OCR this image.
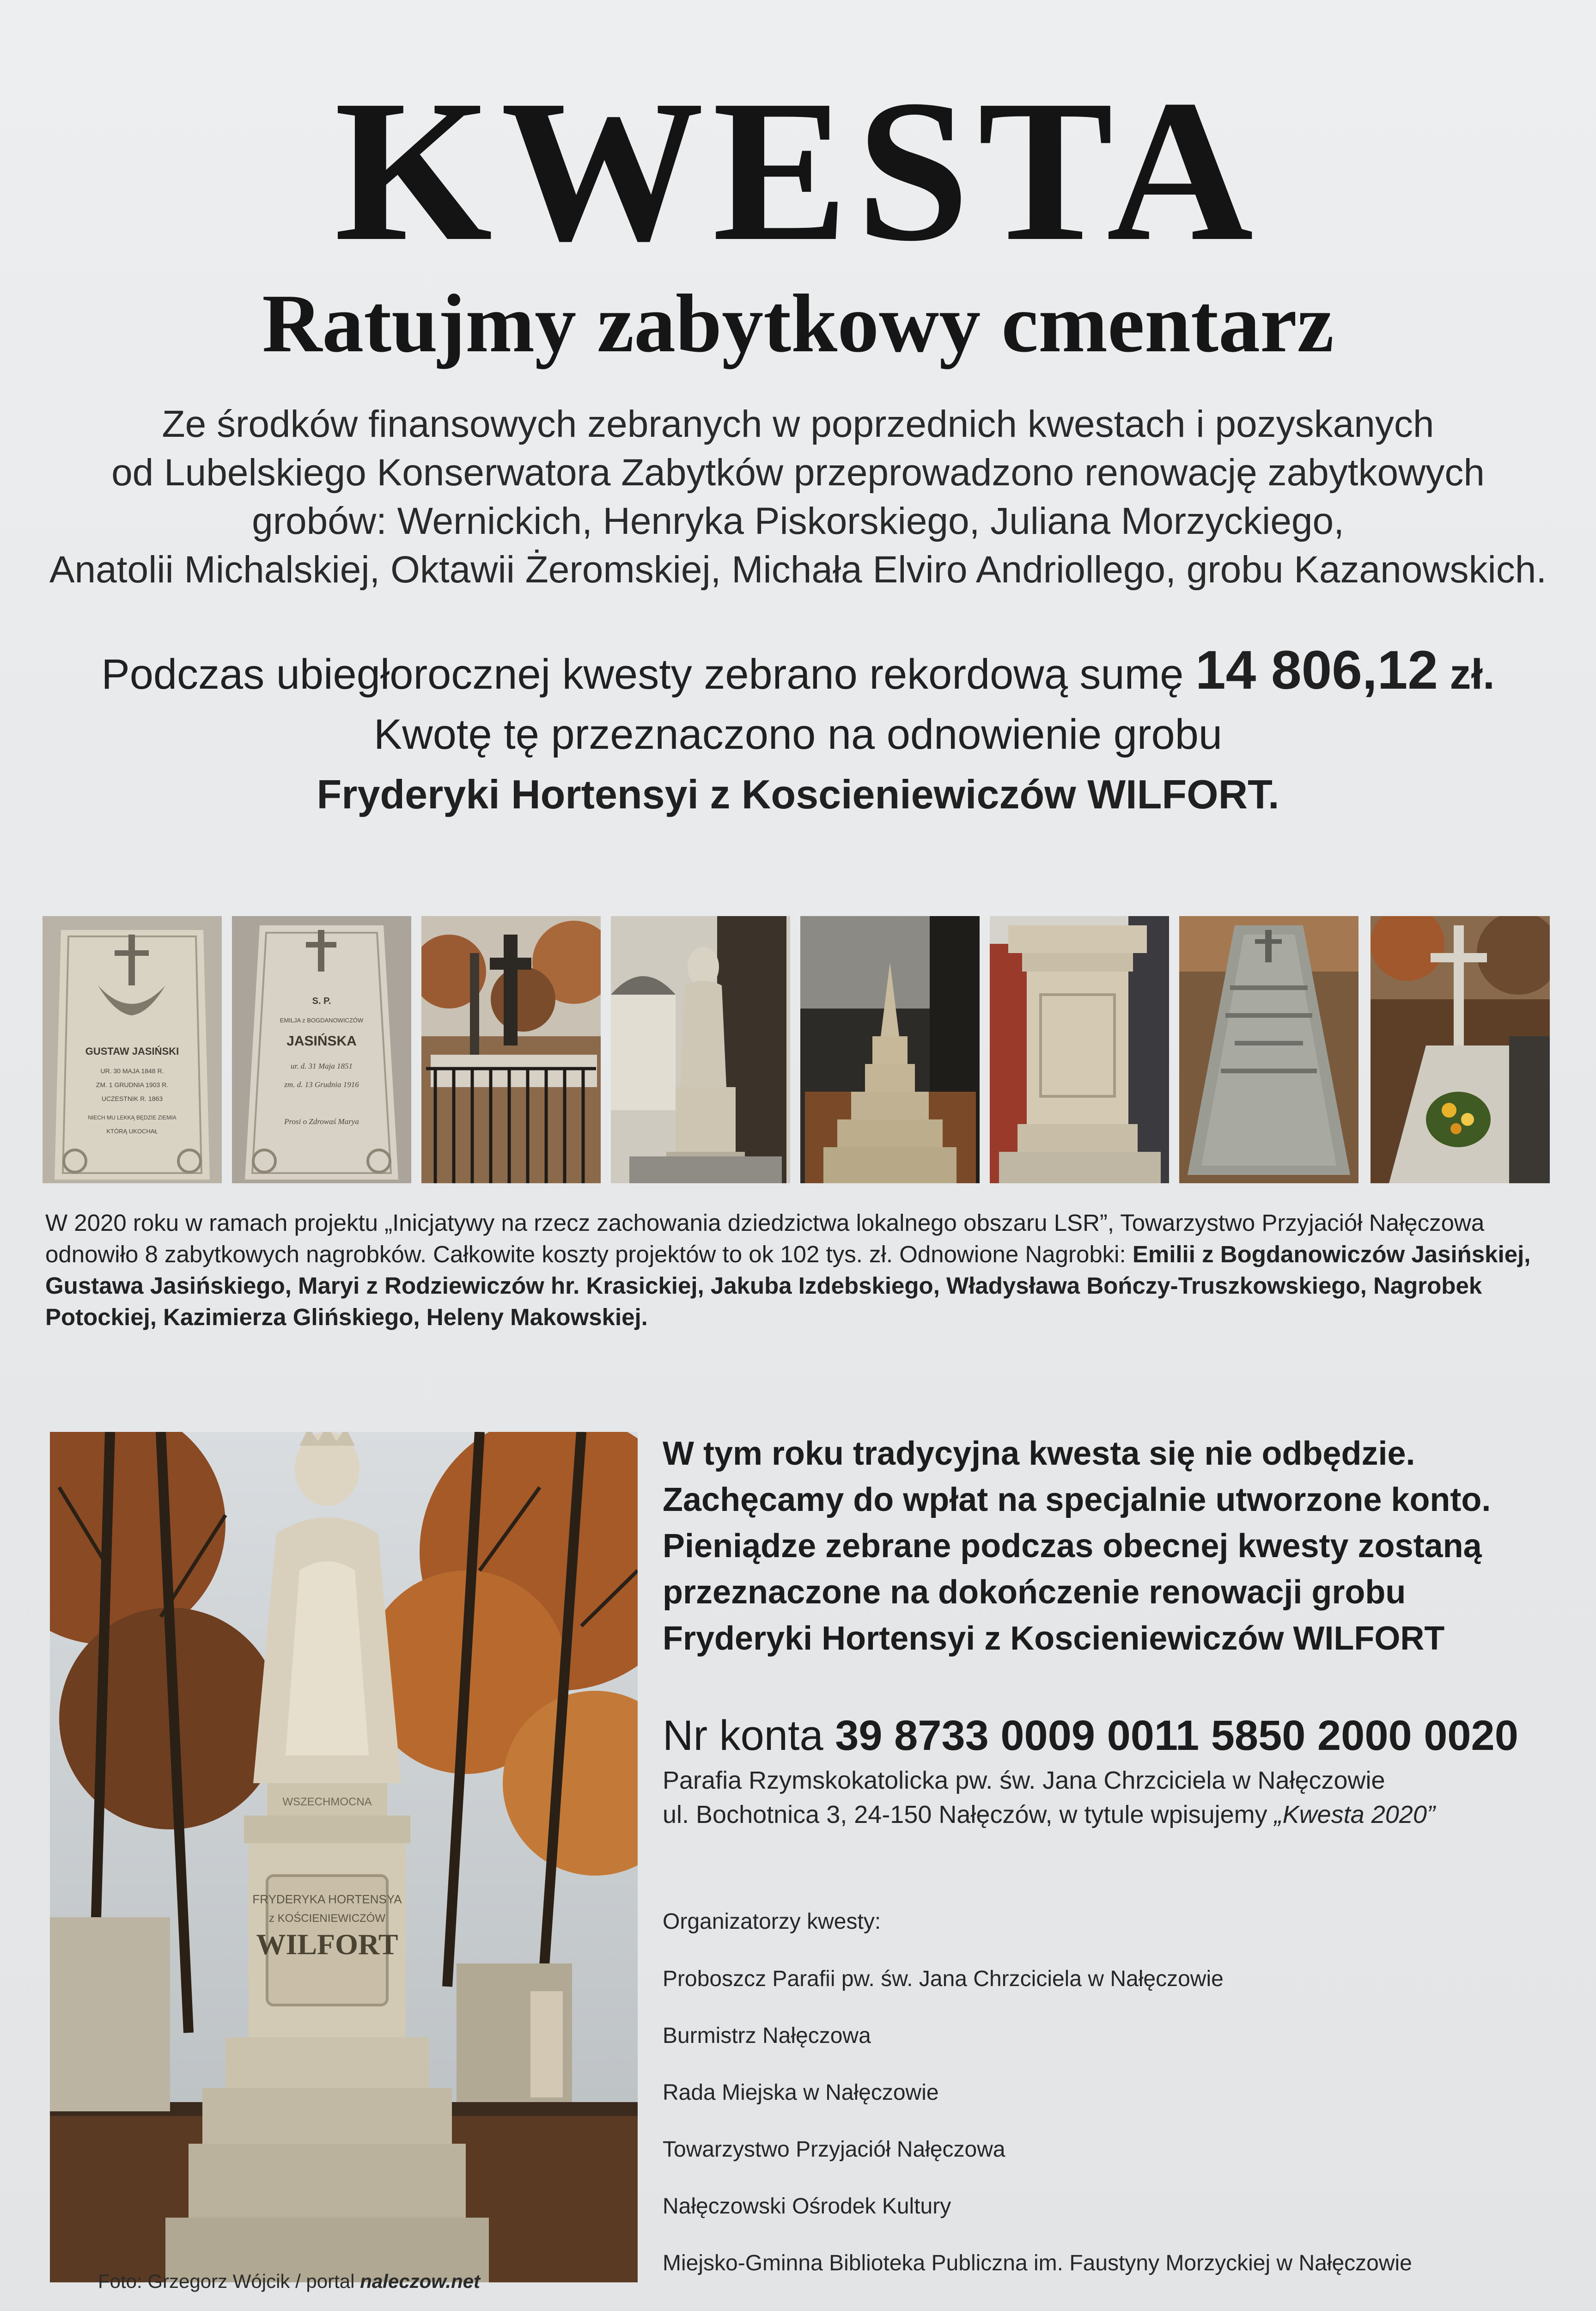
KWESTA
Ratujmy zabytkowy cmentarz
Ze środków finansowych zebranych w poprzednich kwestach i pozyskanych
od Lubelskiego Konserwatora Zabytków przeprowadzono renowację zabytkowych
grobów: Wernickich, Henryka Piskorskiego, Juliana Morzyckiego,
Anatolii Michalskiej, Oktawii Żeromskiej, Michała Elviro Andriollego, grobu Kazanowskich.
Podczas ubiegłorocznej kwesty zebrano rekordową sumę 14 806,12 zł.
Kwotę tę przeznaczono na odnowienie grobu
Fryderyki Hortensyi z Koscieniewiczów WILFORT.
GUSTAW JASIŃSKI
UR. 30 MAJA 1848 R.
ZM. 1 GRUDNIA 1903 R.
UCZESTNIK R. 1863
NIECH MU LEKKĄ BĘDZIE ZIEMIA
KTÓRĄ UKOCHAŁ
S. P.
EMILJA z BOGDANOWICZÓW
JASIŃSKA
ur. d. 31 Maja 1851
zm. d. 13 Grudnia 1916
Prosi o Zdrowaś Marya
W 2020 roku w ramach projektu „Inicjatywy na rzecz zachowania dziedzictwa lokalnego obszaru LSR”, Towarzystwo Przyjaciół Nałęczowa odnowiło 8 zabytkowych nagrobków. Całkowite koszty projektów to ok 102 tys. zł. Odnowione Nagrobki: Emilii z Bogdanowiczów Jasińskiej, Gustawa Jasińskiego, Maryi z Rodziewiczów hr. Krasickiej, Jakuba Izdebskiego, Władysława Bończy-Truszkowskiego, Nagrobek Potockiej, Kazimierza Glińskiego, Heleny Makowskiej.
WSZECHMOCNA
FRYDERYKA HORTENSYA
z KOŚCIENIEWICZÓW
WILFORT
W tym roku tradycyjna kwesta się nie odbędzie.
Zachęcamy do wpłat na specjalnie utworzone konto.
Pieniądze zebrane podczas obecnej kwesty zostaną
przeznaczone na dokończenie renowacji grobu
Fryderyki Hortensyi z Koscieniewiczów WILFORT
Nr konta 39 8733 0009 0011 5850 2000 0020
Parafia Rzymskokatolicka pw. św. Jana Chrzciciela w Nałęczowie
ul. Bochotnica 3, 24-150 Nałęczów, w tytule wpisujemy „Kwesta 2020”
Organizatorzy kwesty:
Proboszcz Parafii pw. św. Jana Chrzciciela w Nałęczowie
Burmistrz Nałęczowa
Rada Miejska w Nałęczowie
Towarzystwo Przyjaciół Nałęczowa
Nałęczowski Ośrodek Kultury
Miejsko-Gminna Biblioteka Publiczna im. Faustyny Morzyckiej w Nałęczowie
Foto: Grzegorz Wójcik / portal naleczow.net
